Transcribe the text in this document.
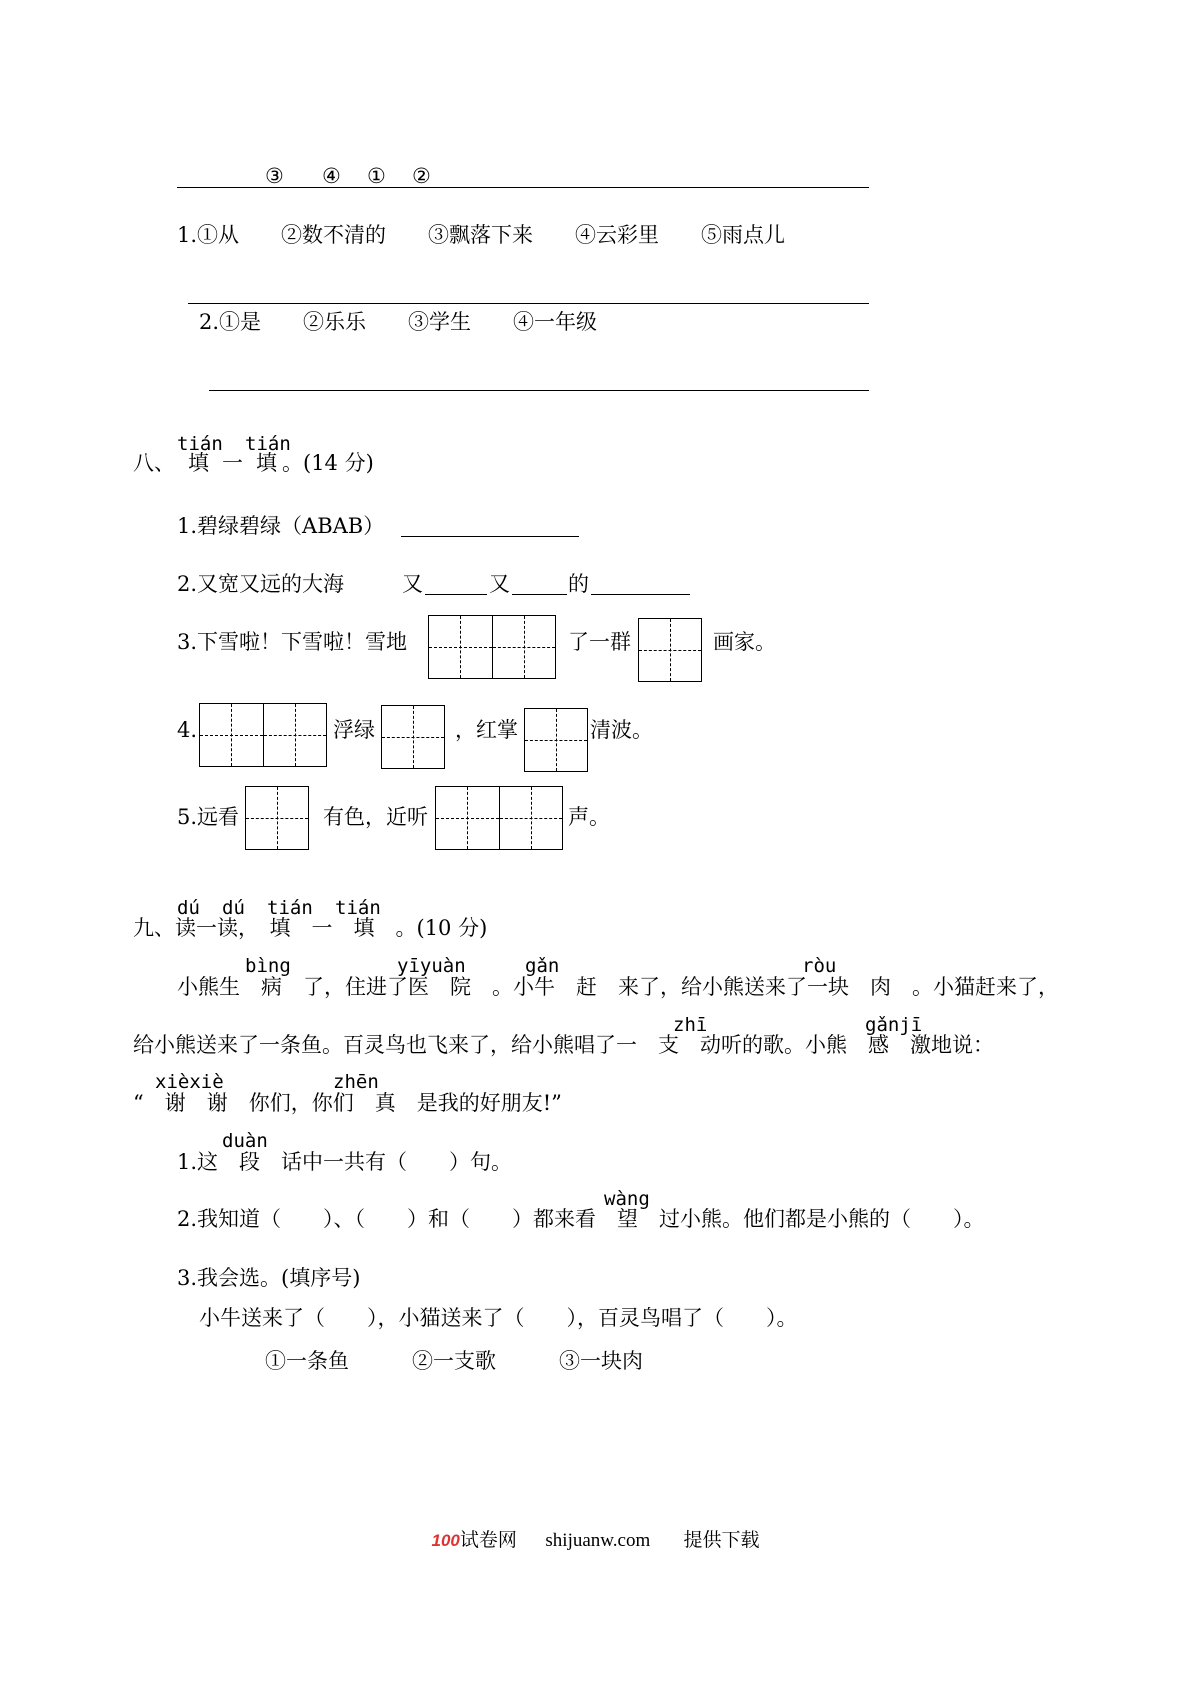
③ ④ ① ②
1.①从　　②数不清的　　③飘落下来　　④云彩里　　⑤雨点儿
2.①是　　②乐乐　　③学生　　④一年级
tián tián
八、 填 一 填 。(14 分)
1.碧绿碧绿（ABAB）
2.又宽又远的大海	又	又	的
3.下雪啦！下雪啦！雪地	了一群	画家。
4.	浮绿	，红掌	清波。
5.远看	有色，近听	声。
dú dú tián tián
九、读一读，　填　一　填　。(10 分)
bìng	yīyuàn	gǎn	ròu
小熊生　病　了，住进了医　院　。小牛　赶　来了，给小熊送来了一块　肉　。小猫赶来了，
zhī	gǎnjī
给小熊送来了一条鱼。百灵鸟也飞来了，给小熊唱了一　支　动听的歌。小熊　感　激地说：
xièxiè	zhēn
“　谢　谢　你们，你们　真　是我的好朋友!”
duàn
1.这　段　话中一共有（　　）句。
wàng
2.我知道（　　）、（　　）和（　　）都来看　望　过小熊。他们都是小熊的（　　）。
3.我会选。(填序号)
小牛送来了（　　），小猫送来了（　　），百灵鸟唱了（　　）。
①一条鱼　　　②一支歌　　　③一块肉
100试卷网 shijuanw.com 提供下载
